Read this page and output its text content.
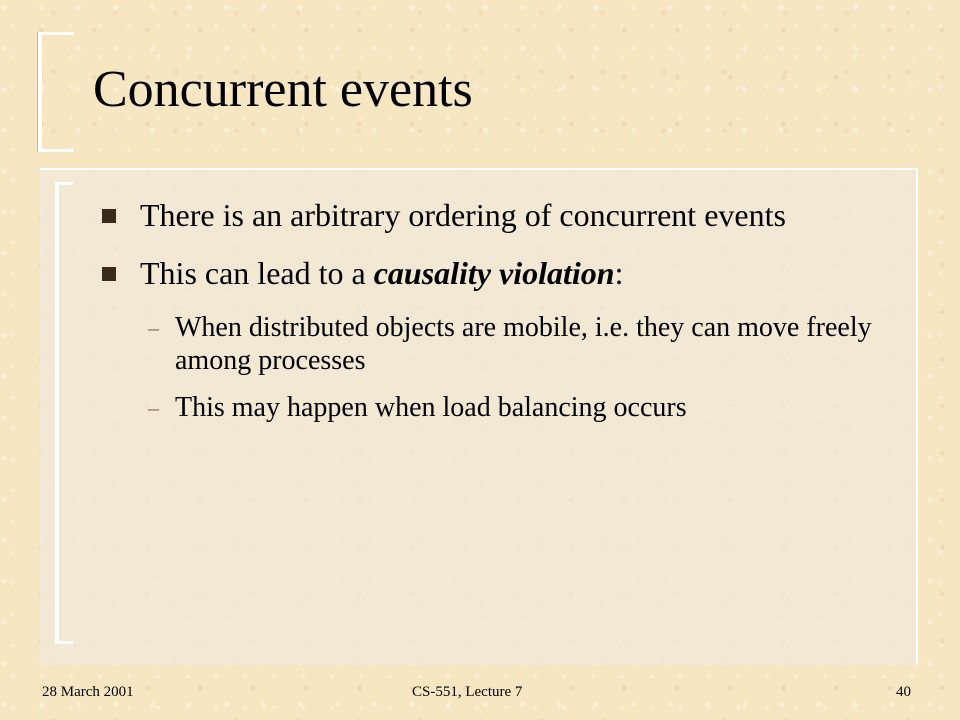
Concurrent events
There is an arbitrary ordering of concurrent events
This can lead to a causality violation:
– When distributed objects are mobile, i.e. they can move freely among processes
– This may happen when load balancing occurs
28 March 2001	CS-551, Lecture 7	40
